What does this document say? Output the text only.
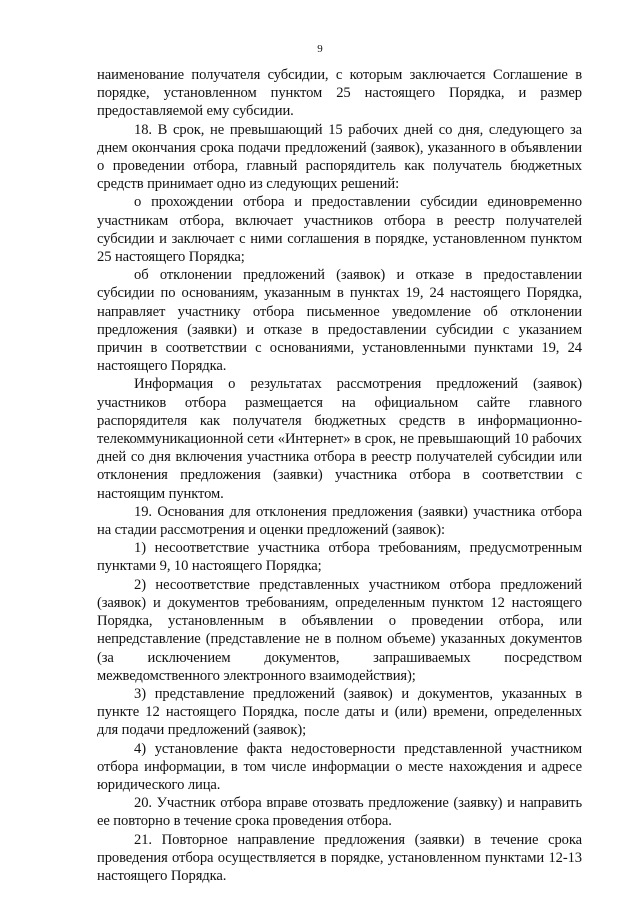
9

наименование получателя субсидии, с которым заключается Соглашение в порядке, установленном пунктом 25 настоящего Порядка, и размер предоставляемой ему субсидии.

18. В срок, не превышающий 15 рабочих дней со дня, следующего за днем окончания срока подачи предложений (заявок), указанного в объявлении о проведении отбора, главный распорядитель как получатель бюджетных средств принимает одно из следующих решений:

о прохождении отбора и предоставлении субсидии единовременно участникам отбора, включает участников отбора в реестр получателей субсидии и заключает с ними соглашения в порядке, установленном пунктом 25 настоящего Порядка;

об отклонении предложений (заявок) и отказе в предоставлении субсидии по основаниям, указанным в пунктах 19, 24 настоящего Порядка, направляет участнику отбора письменное уведомление об отклонении предложения (заявки) и отказе в предоставлении субсидии с указанием причин в соответствии с основаниями, установленными пунктами 19, 24 настоящего Порядка.

Информация о результатах рассмотрения предложений (заявок) участников отбора размещается на официальном сайте главного распорядителя как получателя бюджетных средств в информационно-телекоммуникационной сети «Интернет» в срок, не превышающий 10 рабочих дней со дня включения участника отбора в реестр получателей субсидии или отклонения предложения (заявки) участника отбора в соответствии с настоящим пунктом.

19. Основания для отклонения предложения (заявки) участника отбора на стадии рассмотрения и оценки предложений (заявок):

1) несоответствие участника отбора требованиям, предусмотренным пунктами 9, 10 настоящего Порядка;

2) несоответствие представленных участником отбора предложений (заявок) и документов требованиям, определенным пунктом 12 настоящего Порядка, установленным в объявлении о проведении отбора, или непредставление (представление не в полном объеме) указанных документов (за исключением документов, запрашиваемых посредством межведомственного электронного взаимодействия);

3) представление предложений (заявок) и документов, указанных в пункте 12 настоящего Порядка, после даты и (или) времени, определенных для подачи предложений (заявок);

4) установление факта недостоверности представленной участником отбора информации, в том числе информации о месте нахождения и адресе юридического лица.

20. Участник отбора вправе отозвать предложение (заявку) и направить ее повторно в течение срока проведения отбора.

21. Повторное направление предложения (заявки) в течение срока проведения отбора осуществляется в порядке, установленном пунктами 12-13 настоящего Порядка.
